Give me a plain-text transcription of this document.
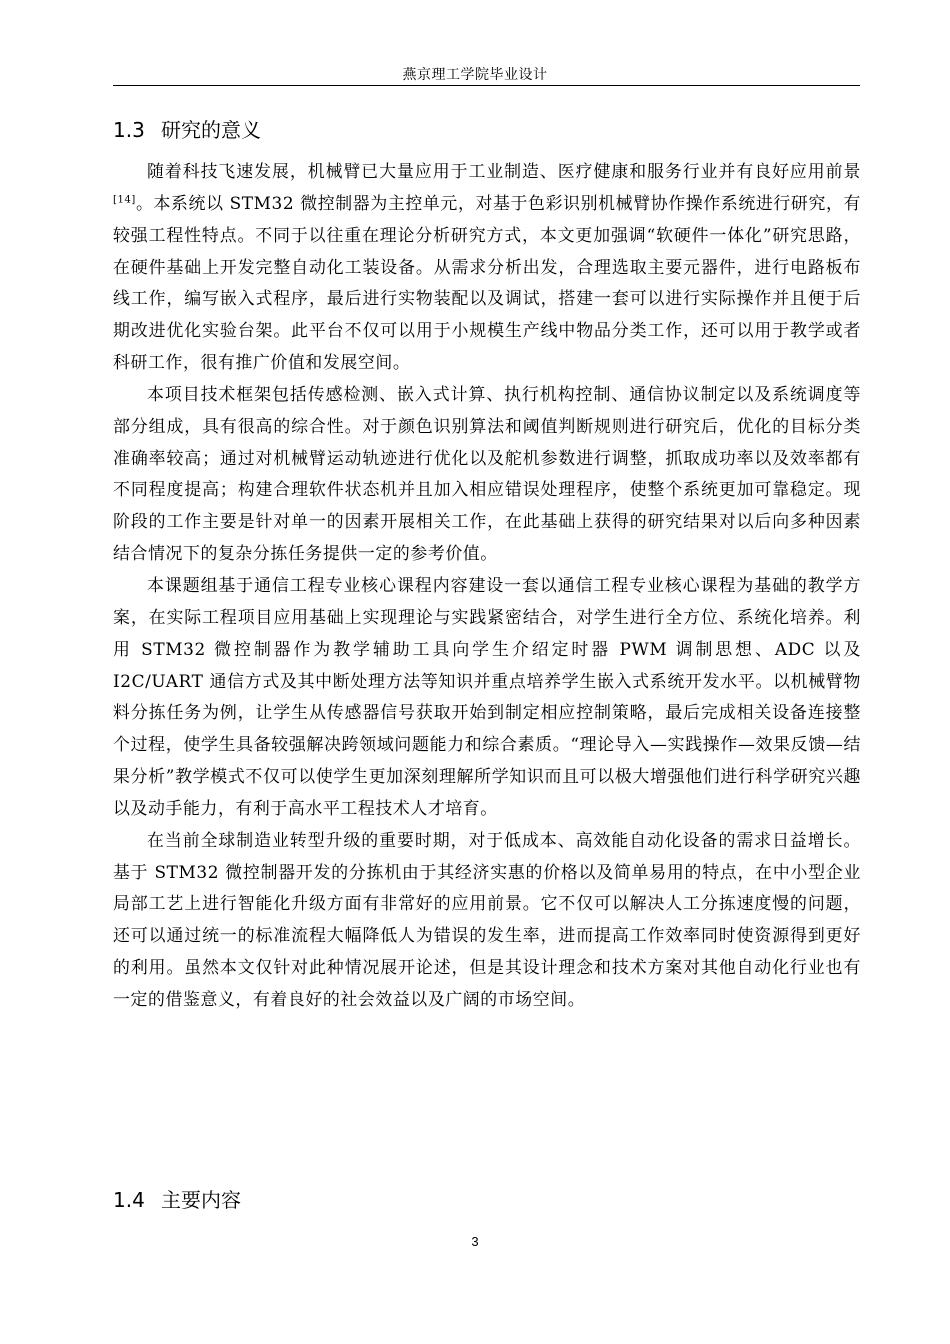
燕京理工学院毕业设计
1.3 研究的意义

随着科技飞速发展，机械臂已大量应用于工业制造、医疗健康和服务行业并有良好应用前景[14]。本系统以 STM32 微控制器为主控单元，对基于色彩识别机械臂协作操作系统进行研究，有较强工程性特点。不同于以往重在理论分析研究方式，本文更加强调“软硬件一体化”研究思路，在硬件基础上开发完整自动化工装设备。从需求分析出发，合理选取主要元器件，进行电路板布线工作，编写嵌入式程序，最后进行实物装配以及调试，搭建一套可以进行实际操作并且便于后期改进优化实验台架。此平台不仅可以用于小规模生产线中物品分类工作，还可以用于教学或者科研工作，很有推广价值和发展空间。

本项目技术框架包括传感检测、嵌入式计算、执行机构控制、通信协议制定以及系统调度等部分组成，具有很高的综合性。对于颜色识别算法和阈值判断规则进行研究后，优化的目标分类准确率较高；通过对机械臂运动轨迹进行优化以及舵机参数进行调整，抓取成功率以及效率都有不同程度提高；构建合理软件状态机并且加入相应错误处理程序，使整个系统更加可靠稳定。现阶段的工作主要是针对单一的因素开展相关工作，在此基础上获得的研究结果对以后向多种因素结合情况下的复杂分拣任务提供一定的参考价值。

本课题组基于通信工程专业核心课程内容建设一套以通信工程专业核心课程为基础的教学方案，在实际工程项目应用基础上实现理论与实践紧密结合，对学生进行全方位、系统化培养。利用 STM32 微控制器作为教学辅助工具向学生介绍定时器 PWM 调制思想、ADC 以及 I2C/UART 通信方式及其中断处理方法等知识并重点培养学生嵌入式系统开发水平。以机械臂物料分拣任务为例，让学生从传感器信号获取开始到制定相应控制策略，最后完成相关设备连接整个过程，使学生具备较强解决跨领域问题能力和综合素质。“理论导入—实践操作—效果反馈—结果分析”教学模式不仅可以使学生更加深刻理解所学知识而且可以极大增强他们进行科学研究兴趣以及动手能力，有利于高水平工程技术人才培育。

在当前全球制造业转型升级的重要时期，对于低成本、高效能自动化设备的需求日益增长。基于 STM32 微控制器开发的分拣机由于其经济实惠的价格以及简单易用的特点，在中小型企业局部工艺上进行智能化升级方面有非常好的应用前景。它不仅可以解决人工分拣速度慢的问题，还可以通过统一的标准流程大幅降低人为错误的发生率，进而提高工作效率同时使资源得到更好的利用。虽然本文仅针对此种情况展开论述，但是其设计理念和技术方案对其他自动化行业也有一定的借鉴意义，有着良好的社会效益以及广阔的市场空间。

1.4 主要内容
3
